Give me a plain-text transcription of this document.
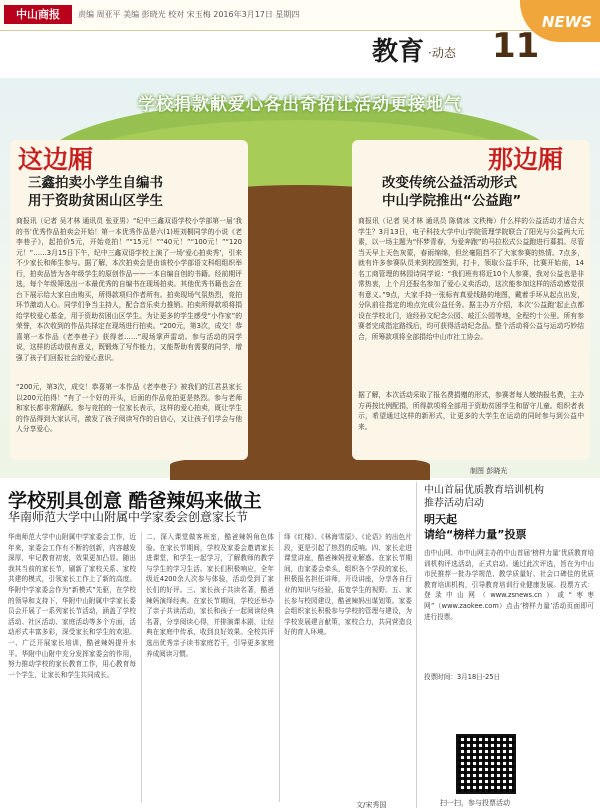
中山商报	责编 周亚平 美编 彭晓光 校对 宋玉梅 2016年3月17日 星期四	NEWS
教育 ·动态 11
学校捐款献爱心各出奇招让活动更接地气
这边厢
三鑫拍卖小学生自编书
用于资助贫困山区学生
商报讯（记者 吴才林 通讯员 张亚男）“纪中三鑫双语学校小学部第一届‘我的书’优秀作品拍卖会开始！第一本优秀作品是六(1)班刘桐同学的小说《老李巷子》，起拍价5元，开始竞拍！”“15元！”“40元！”“100元！”“120元！”……3月15日下午，纪中三鑫双语学校上演了一场‘爱心拍卖秀’，引来不少家长和师生参与。据了解，本次拍卖会是由该校小学部语文科组组织举行，拍卖品皆为各年级学生的原创作品——一本自编自创的书籍。经前期评选，每个年级筛选出一本最优秀的自编书在现场拍卖。其他优秀书籍也会在台下展示给大家自由购买，所得款项归作者所有。拍卖现场气氛热烈，竞拍环节激动人心。同学们争当主持人，配合音乐卖力推销。拍卖所得款项将捐给学校爱心基金，用于资助贫困山区学生。为让更多的学生感受“小作家”的荣誉，本次收到的作品共择定在现场进行拍卖。“200元，第3次，成交！恭喜第一本作品《老李巷子》获得者……”现场掌声雷动。参与活动的同学说，这样的活动很有意义，既锻炼了写作能力，又能帮助有需要的同学，增强了孩子们回报社会的爱心意识。
“200元，第3次，成交！恭喜第一本作品《老李巷子》被我们的江君县家长以200元拍得！”有了一个好的开头，后面的作品竞拍更是热烈。参与老师和家长都非常踊跃。参与竞拍的一位家长表示，这样的爱心拍卖，既让学生的作品得到大家认可，激发了孩子阅读写作的自信心，又让孩子们学会与他人分享爱心。
那边厢
改变传统公益活动形式
中山学院推出“公益跑”
商报讯（记者 吴才林 通讯员 陈倩冰 文秩梅）什么样的公益活动才适合大学生？3月13日，电子科技大学中山学院管理学院联合了阳光与公益两大元素，以一场主题为“怀梦青春，为爱奔跑”的马拉松式公益跑进行募捐。尽管当天早上天色灰蒙，春雨绵绵，但丝毫阻挡不了大家参赛的热情。7点多，就有许多参赛队员来到校园签到，打卡，领取公益手环，比赛开始前，14名工商管理的林园诗同学说：“我们班有将近10个人参赛，我对公益也是非常热衷，上个月还报名参加了爱心义卖活动，这次能参加这样的活动感觉很有意义。”9点，大家手持一张标有真爱线路的地图，戴着手环从起点出发，分队前往指定的地点完成公益任务。据主办方介绍，本次‘公益跑’起止点都设在学校北门，途经孙文纪念公园、岐江公园等地，全程约十公里。所有参赛者完成指定路线后，均可获得活动纪念品。整个活动将公益与运动巧妙结合，所筹款项将全部捐给中山市社工协会。
据了解，本次活动采取了报名费捐赠的形式，参赛者每人缴纳报名费，主办方再按比例配捐，所得款项将全部用于资助贫困学生和留守儿童。组织者表示，希望通过这样的新形式，让更多的大学生在运动的同时参与到公益中来。
制图 彭晓光
学校别具创意 酷爸辣妈来做主
华南师范大学中山附属中学家委会创意家长节
华南师范大学中山附属中学家委会工作，近年来，家委会工作有不断的创新，内容越发深厚，牢记教育初衷，效果更加凸显。随出我其当前的家长节，刷新了家校关系、家校共建的模式，引领家长工作上了新的高度。华附中学家委会作为“新模式”先驱，在学校的领导和支持下，华附中山附属中学家长委员会开展了一系列家长节活动，涵盖了学校活动、社区活动、家庭活动等多个方面，活动形式丰富多彩，深受家长和学生的欢迎。一、广泛开展家长培训，酷爸辣妈提升水平。华附中山附中充分发挥家委会的作用，努力推动学校的家长教育工作，用心教育每一个学生，让家长和学生共同成长。
二、深入课堂做客班室，酷爸辣妈角色体验。在家长节期间，学校及家委会邀请家长进课堂，和学生一起学习，了解教师的教学与学生的学习生活。家长们积极响应，全年级近4200余人次参与体验，活动受到了家长们的好评。三、家长孩子共读名著，酷爸辣妈演绎经典。在家长节期间，学校还举办了亲子共读活动，家长和孩子一起阅读经典名著，分享阅读心得，并排演课本剧，让经典在家庭中传承，收到良好效果。全校共评选出优秀亲子读书家庭若干，引导更多家庭养成阅读习惯。
绎《红楼》、《林海雪原》、《论语》的出色片段，更是引起了热烈的反响。四、家长走进课堂讲座，酷爸辣妈授业解惑。在家长节期间，由家委会牵头，组织各个学段的家长，积极报名担任讲师，开设讲座，分享各自行业的知识与经验，拓宽学生的视野。五、家长参与校园建设，酷爸辣妈出谋划策。家委会组织家长积极参与学校的管理与建设，为学校发展建言献策，家校合力，共同营造良好的育人环境。
文/宋秀国
中山首届优质教育培训机构
推荐活动启动
明天起
请给“榜样力量”投票
由中山网、市中山网主办的中山首届‘榜样力量’优质教育培训机构评选活动，正式启动。通过此次评选，旨在为中山市民推荐一批办学规范、教学质量好、社会口碑佳的优质教育培训机构，引导教育培训行业健康发展。投票方式：登录中山网（www.zsnews.cn）或“枣枣网”（www.zaokee.com）点击‘榜样力量’活动页面即可进行投票。
投票时间：3月18日-25日
扫一扫，参与投票活动
